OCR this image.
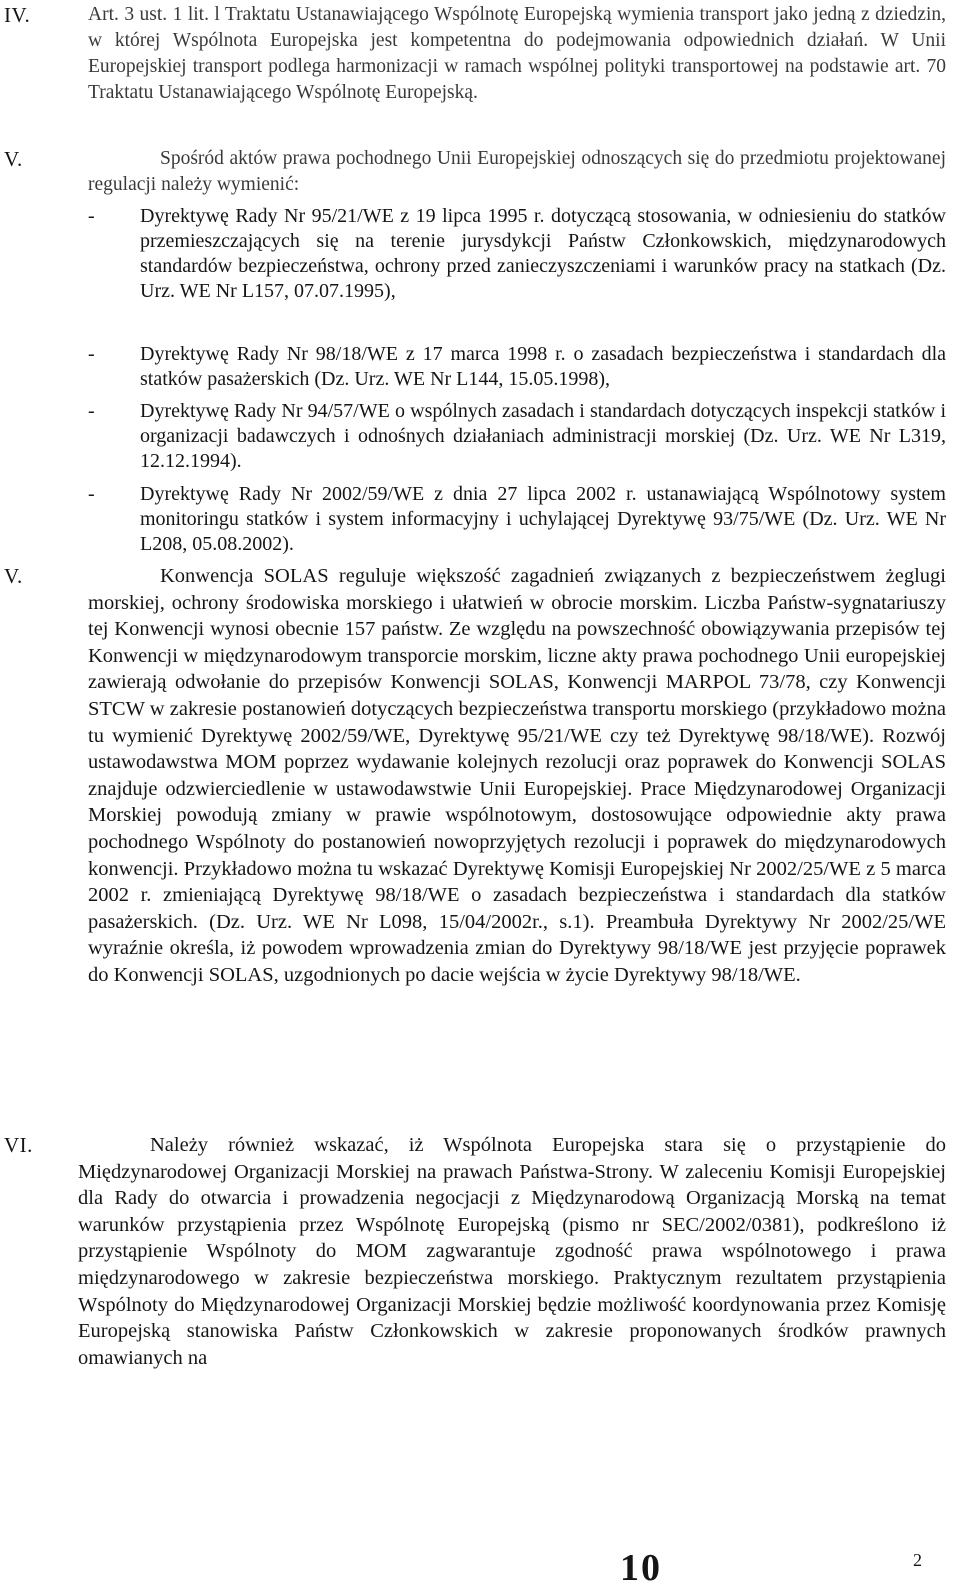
IV.	Art. 3 ust. 1 lit. l Traktatu Ustanawiającego Wspólnotę Europejską wymienia transport jako jedną z dziedzin, w której Wspólnota Europejska jest kompetentna do podejmowania odpowiednich działań. W Unii Europejskiej transport podlega harmonizacji w ramach wspólnej polityki transportowej na podstawie art. 70 Traktatu Ustanawiającego Wspólnotę Europejską.

V.	Spośród aktów prawa pochodnego Unii Europejskiej odnoszących się do przedmiotu projektowanej regulacji należy wymienić:

- Dyrektywę Rady Nr 95/21/WE z 19 lipca 1995 r. dotyczącą stosowania, w odniesieniu do statków przemieszczających się na terenie jurysdykcji Państw Członkowskich, międzynarodowych standardów bezpieczeństwa, ochrony przed zanieczyszczeniami i warunków pracy na statkach (Dz. Urz. WE Nr L157, 07.07.1995),
- Dyrektywę Rady Nr 98/18/WE z 17 marca 1998 r. o zasadach bezpieczeństwa i standardach dla statków pasażerskich (Dz. Urz. WE Nr L144, 15.05.1998),
- Dyrektywę Rady Nr 94/57/WE o wspólnych zasadach i standardach dotyczących inspekcji statków i organizacji badawczych i odnośnych działaniach administracji morskiej (Dz. Urz. WE Nr L319, 12.12.1994).
- Dyrektywę Rady Nr 2002/59/WE z dnia 27 lipca 2002 r. ustanawiającą Wspólnotowy system monitoringu statków i system informacyjny i uchylającej Dyrektywę 93/75/WE (Dz. Urz. WE Nr L208, 05.08.2002).
V.	Konwencja SOLAS reguluje większość zagadnień związanych z bezpieczeństwem żeglugi morskiej, ochrony środowiska morskiego i ułatwień w obrocie morskim. Liczba Państw-sygnatariuszy tej Konwencji wynosi obecnie 157 państw. Ze względu na powszechność obowiązywania przepisów tej Konwencji w międzynarodowym transporcie morskim, liczne akty prawa pochodnego Unii europejskiej zawierają odwołanie do przepisów Konwencji SOLAS, Konwencji MARPOL 73/78, czy Konwencji STCW w zakresie postanowień dotyczących bezpieczeństwa transportu morskiego (przykładowo można tu wymienić Dyrektywę 2002/59/WE, Dyrektywę 95/21/WE czy też Dyrektywę 98/18/WE). Rozwój ustawodawstwa MOM poprzez wydawanie kolejnych rezolucji oraz poprawek do Konwencji SOLAS znajduje odzwierciedlenie w ustawodawstwie Unii Europejskiej. Prace Międzynarodowej Organizacji Morskiej powodują zmiany w prawie wspólnotowym, dostosowujące odpowiednie akty prawa pochodnego Wspólnoty do postanowień nowoprzyjętych rezolucji i poprawek do międzynarodowych konwencji. Przykładowo można tu wskazać Dyrektywę Komisji Europejskiej Nr 2002/25/WE z 5 marca 2002 r. zmieniającą Dyrektywę 98/18/WE o zasadach bezpieczeństwa i standardach dla statków pasażerskich. (Dz. Urz. WE Nr L098, 15/04/2002r., s.1). Preambuła Dyrektywy Nr 2002/25/WE wyraźnie określa, iż powodem wprowadzenia zmian do Dyrektywy 98/18/WE jest przyjęcie poprawek do Konwencji SOLAS, uzgodnionych po dacie wejścia w życie Dyrektywy 98/18/WE.

VI.	Należy również wskazać, iż Wspólnota Europejska stara się o przystąpienie do Międzynarodowej Organizacji Morskiej na prawach Państwa-Strony. W zaleceniu Komisji Europejskiej dla Rady do otwarcia i prowadzenia negocjacji z Międzynarodową Organizacją Morską na temat warunków przystąpienia przez Wspólnotę Europejską (pismo nr SEC/2002/0381), podkreślono iż przystąpienie Wspólnoty do MOM zagwarantuje zgodność prawa wspólnotowego i prawa międzynarodowego w zakresie bezpieczeństwa morskiego. Praktycznym rezultatem przystąpienia Wspólnoty do Międzynarodowej Organizacji Morskiej będzie możliwość koordynowania przez Komisję Europejską stanowiska Państw Członkowskich w zakresie proponowanych środków prawnych omawianych na

10	2
